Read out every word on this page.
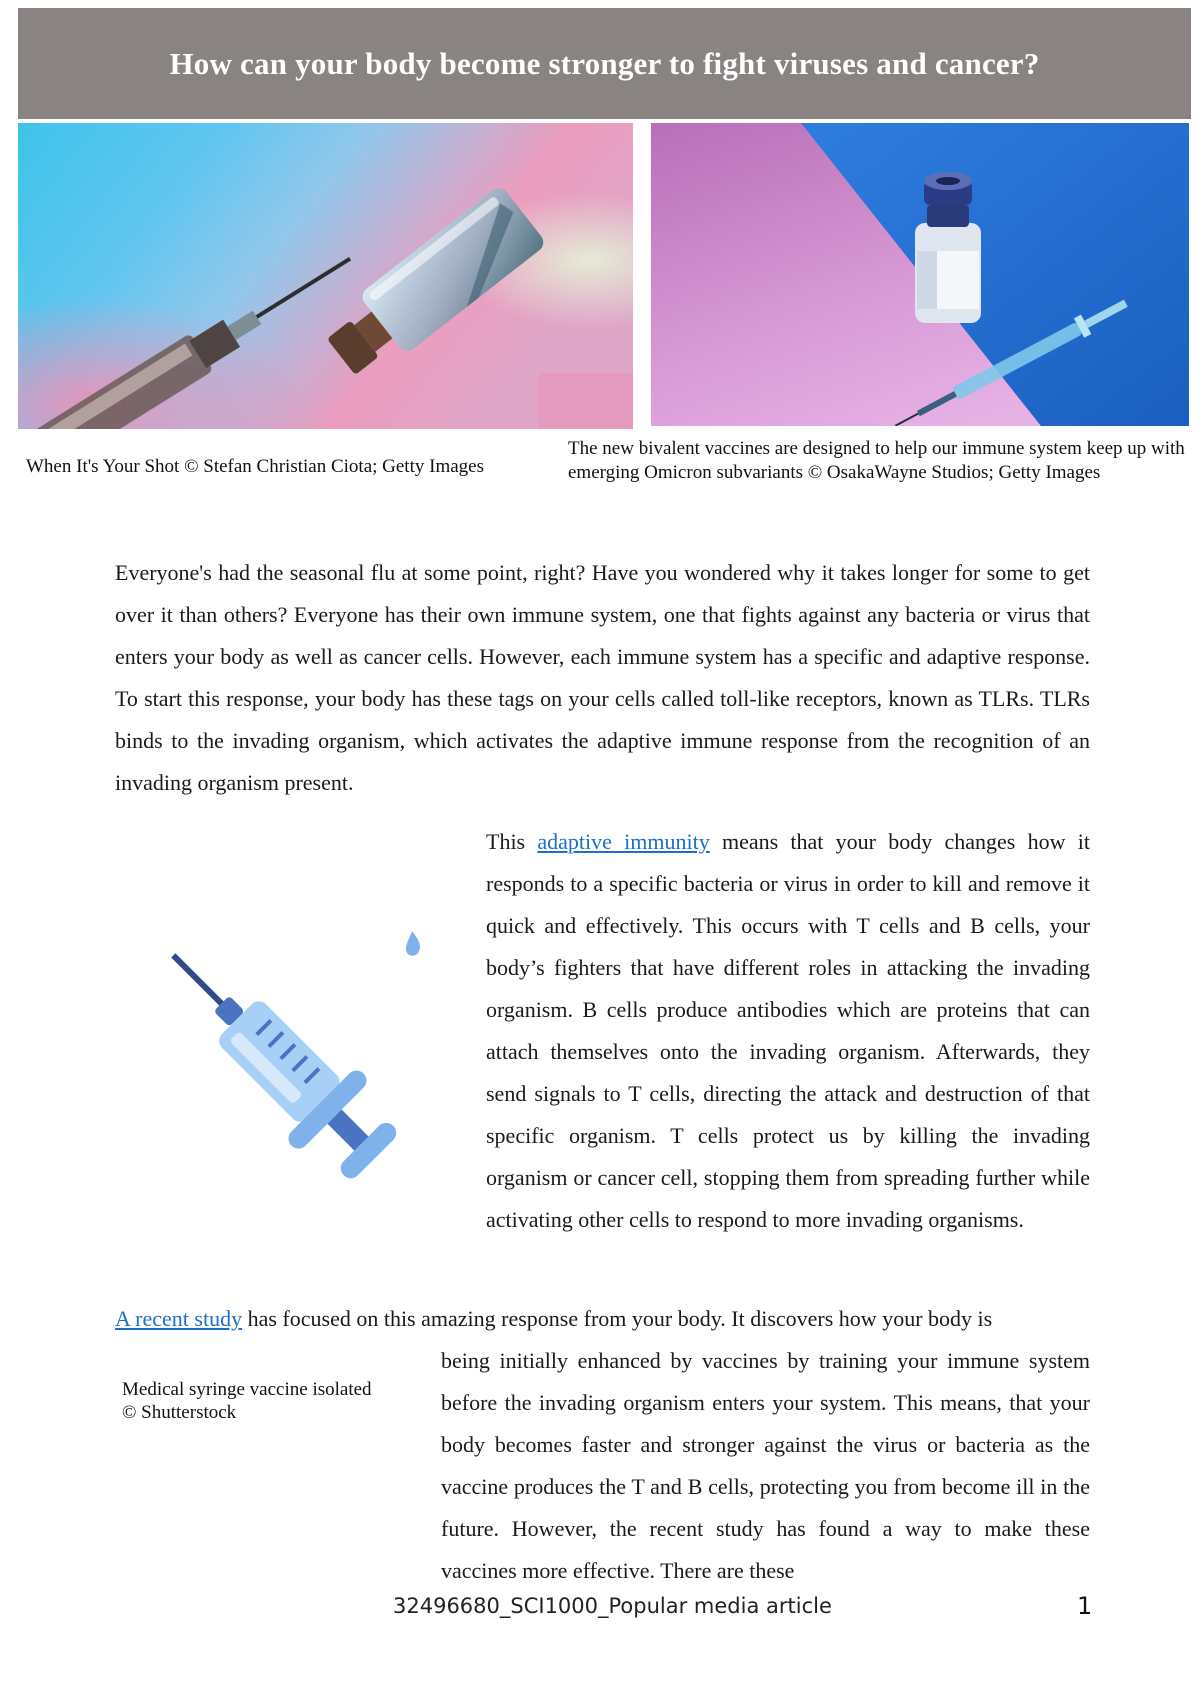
How can your body become stronger to fight viruses and cancer?
When It's Your Shot © Stefan Christian Ciota; Getty Images
The new bivalent vaccines are designed to help our immune system keep up with emerging Omicron subvariants © OsakaWayne Studios; Getty Images

Everyone's had the seasonal flu at some point, right? Have you wondered why it takes longer for some to get over it than others? Everyone has their own immune system, one that fights against any bacteria or virus that enters your body as well as cancer cells. However, each immune system has a specific and adaptive response. To start this response, your body has these tags on your cells called toll-like receptors, known as TLRs. TLRs binds to the invading organism, which activates the adaptive immune response from the recognition of an invading organism present.

This adaptive immunity means that your body changes how it responds to a specific bacteria or virus in order to kill and remove it quick and effectively. This occurs with T cells and B cells, your body’s fighters that have different roles in attacking the invading organism. B cells produce antibodies which are proteins that can attach themselves onto the invading organism. Afterwards, they send signals to T cells, directing the attack and destruction of that specific organism. T cells protect us by killing the invading organism or cancer cell, stopping them from spreading further while activating other cells to respond to more invading organisms.

A recent study has focused on this amazing response from your body. It discovers how your body is

Medical syringe vaccine isolated
© Shutterstock

being initially enhanced by vaccines by training your immune system before the invading organism enters your system. This means, that your body becomes faster and stronger against the virus or bacteria as the vaccine produces the T and B cells, protecting you from become ill in the future. However, the recent study has found a way to make these vaccines more effective. There are these

32496680_SCI1000_Popular media article	1
